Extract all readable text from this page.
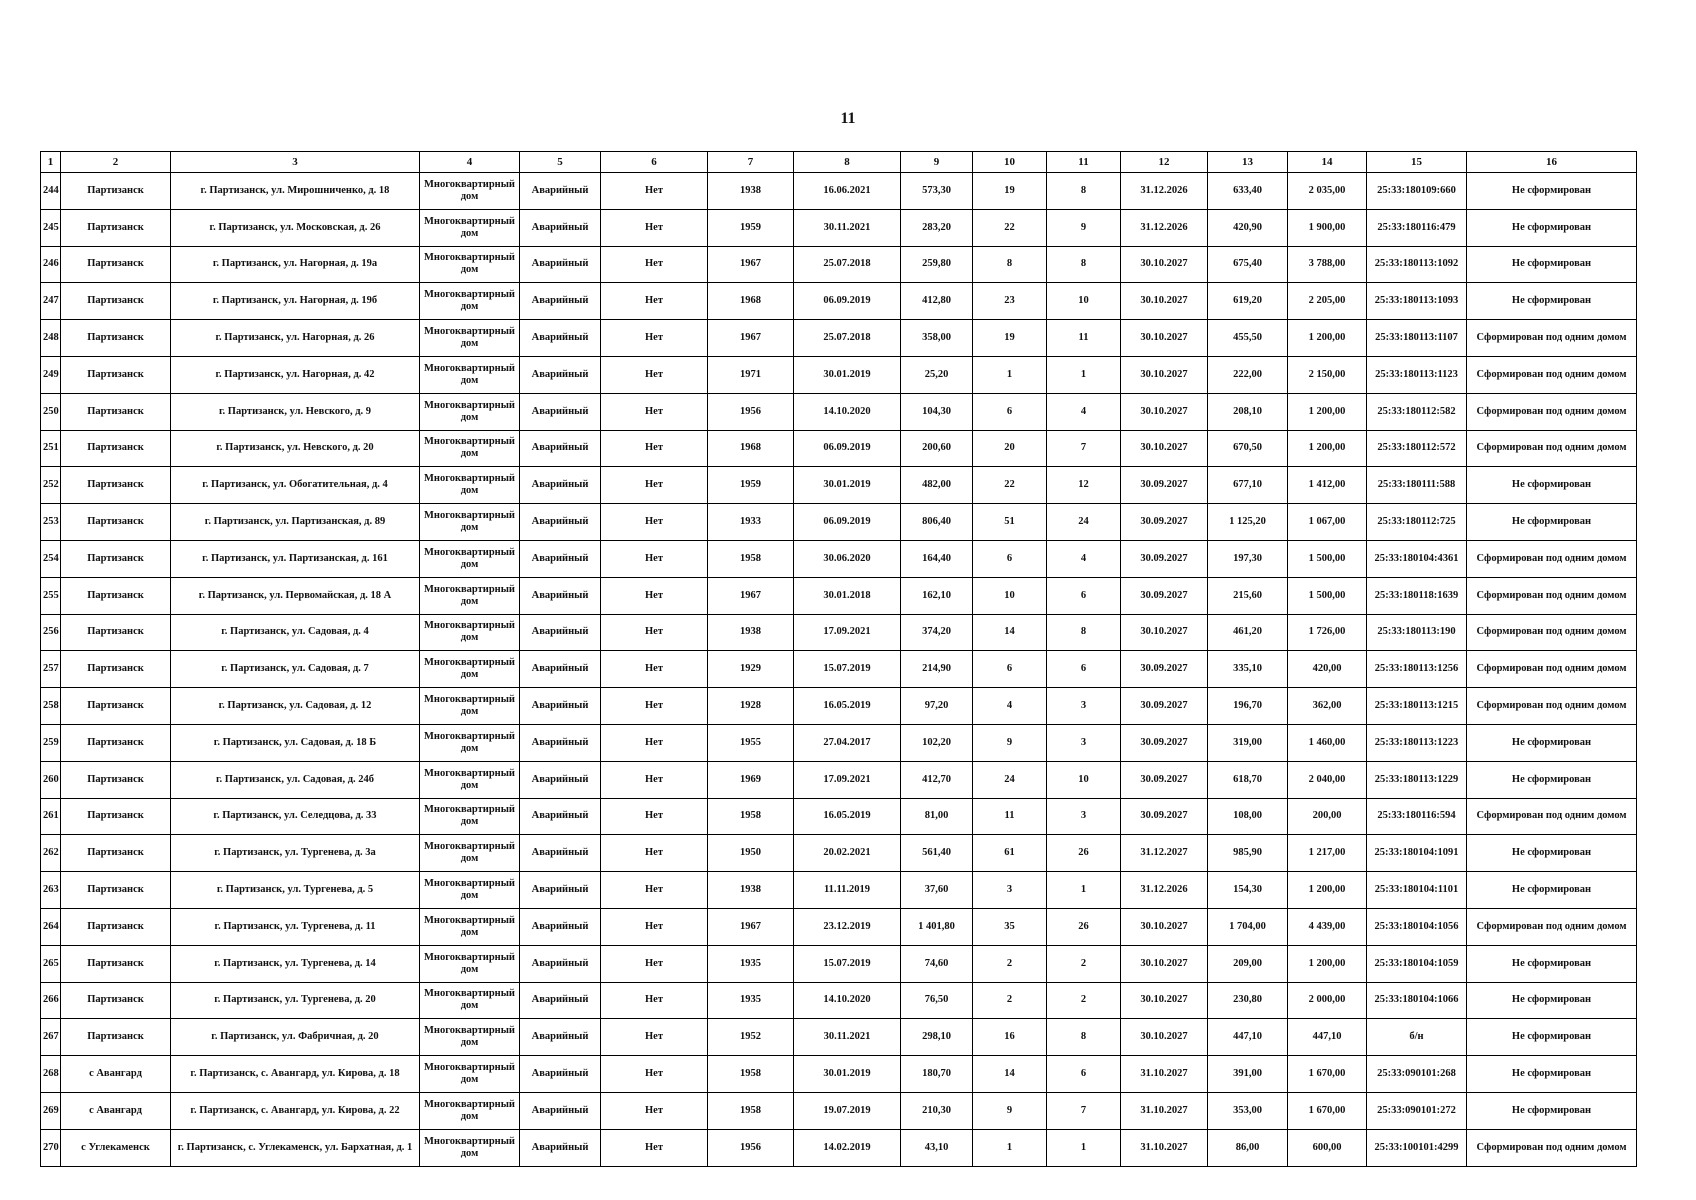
11
1	2	3	4	5	6	7	8	9	10	11	12	13	14	15	16
244	Партизанск	г. Партизанск, ул. Мирошниченко, д. 18	Многоквартирный дом	Аварийный	Нет	1938	16.06.2021	573,30	19	8	31.12.2026	633,40	2 035,00	25:33:180109:660	Не сформирован
245	Партизанск	г. Партизанск, ул. Московская, д. 26	Многоквартирный дом	Аварийный	Нет	1959	30.11.2021	283,20	22	9	31.12.2026	420,90	1 900,00	25:33:180116:479	Не сформирован
246	Партизанск	г. Партизанск, ул. Нагорная, д. 19а	Многоквартирный дом	Аварийный	Нет	1967	25.07.2018	259,80	8	8	30.10.2027	675,40	3 788,00	25:33:180113:1092	Не сформирован
247	Партизанск	г. Партизанск, ул. Нагорная, д. 19б	Многоквартирный дом	Аварийный	Нет	1968	06.09.2019	412,80	23	10	30.10.2027	619,20	2 205,00	25:33:180113:1093	Не сформирован
248	Партизанск	г. Партизанск, ул. Нагорная, д. 26	Многоквартирный дом	Аварийный	Нет	1967	25.07.2018	358,00	19	11	30.10.2027	455,50	1 200,00	25:33:180113:1107	Сформирован под одним домом
249	Партизанск	г. Партизанск, ул. Нагорная, д. 42	Многоквартирный дом	Аварийный	Нет	1971	30.01.2019	25,20	1	1	30.10.2027	222,00	2 150,00	25:33:180113:1123	Сформирован под одним домом
250	Партизанск	г. Партизанск, ул. Невского, д. 9	Многоквартирный дом	Аварийный	Нет	1956	14.10.2020	104,30	6	4	30.10.2027	208,10	1 200,00	25:33:180112:582	Сформирован под одним домом
251	Партизанск	г. Партизанск, ул. Невского, д. 20	Многоквартирный дом	Аварийный	Нет	1968	06.09.2019	200,60	20	7	30.10.2027	670,50	1 200,00	25:33:180112:572	Сформирован под одним домом
252	Партизанск	г. Партизанск, ул. Обогатительная, д. 4	Многоквартирный дом	Аварийный	Нет	1959	30.01.2019	482,00	22	12	30.09.2027	677,10	1 412,00	25:33:180111:588	Не сформирован
253	Партизанск	г. Партизанск, ул. Партизанская, д. 89	Многоквартирный дом	Аварийный	Нет	1933	06.09.2019	806,40	51	24	30.09.2027	1 125,20	1 067,00	25:33:180112:725	Не сформирован
254	Партизанск	г. Партизанск, ул. Партизанская, д. 161	Многоквартирный дом	Аварийный	Нет	1958	30.06.2020	164,40	6	4	30.09.2027	197,30	1 500,00	25:33:180104:4361	Сформирован под одним домом
255	Партизанск	г. Партизанск, ул. Первомайская, д. 18 А	Многоквартирный дом	Аварийный	Нет	1967	30.01.2018	162,10	10	6	30.09.2027	215,60	1 500,00	25:33:180118:1639	Сформирован под одним домом
256	Партизанск	г. Партизанск, ул. Садовая, д. 4	Многоквартирный дом	Аварийный	Нет	1938	17.09.2021	374,20	14	8	30.10.2027	461,20	1 726,00	25:33:180113:190	Сформирован под одним домом
257	Партизанск	г. Партизанск, ул. Садовая, д. 7	Многоквартирный дом	Аварийный	Нет	1929	15.07.2019	214,90	6	6	30.09.2027	335,10	420,00	25:33:180113:1256	Сформирован под одним домом
258	Партизанск	г. Партизанск, ул. Садовая, д. 12	Многоквартирный дом	Аварийный	Нет	1928	16.05.2019	97,20	4	3	30.09.2027	196,70	362,00	25:33:180113:1215	Сформирован под одним домом
259	Партизанск	г. Партизанск, ул. Садовая, д. 18 Б	Многоквартирный дом	Аварийный	Нет	1955	27.04.2017	102,20	9	3	30.09.2027	319,00	1 460,00	25:33:180113:1223	Не сформирован
260	Партизанск	г. Партизанск, ул. Садовая, д. 24б	Многоквартирный дом	Аварийный	Нет	1969	17.09.2021	412,70	24	10	30.09.2027	618,70	2 040,00	25:33:180113:1229	Не сформирован
261	Партизанск	г. Партизанск, ул. Селедцова, д. 33	Многоквартирный дом	Аварийный	Нет	1958	16.05.2019	81,00	11	3	30.09.2027	108,00	200,00	25:33:180116:594	Сформирован под одним домом
262	Партизанск	г. Партизанск, ул. Тургенева, д. 3а	Многоквартирный дом	Аварийный	Нет	1950	20.02.2021	561,40	61	26	31.12.2027	985,90	1 217,00	25:33:180104:1091	Не сформирован
263	Партизанск	г. Партизанск, ул. Тургенева, д. 5	Многоквартирный дом	Аварийный	Нет	1938	11.11.2019	37,60	3	1	31.12.2026	154,30	1 200,00	25:33:180104:1101	Не сформирован
264	Партизанск	г. Партизанск, ул. Тургенева, д. 11	Многоквартирный дом	Аварийный	Нет	1967	23.12.2019	1 401,80	35	26	30.10.2027	1 704,00	4 439,00	25:33:180104:1056	Сформирован под одним домом
265	Партизанск	г. Партизанск, ул. Тургенева, д. 14	Многоквартирный дом	Аварийный	Нет	1935	15.07.2019	74,60	2	2	30.10.2027	209,00	1 200,00	25:33:180104:1059	Не сформирован
266	Партизанск	г. Партизанск, ул. Тургенева, д. 20	Многоквартирный дом	Аварийный	Нет	1935	14.10.2020	76,50	2	2	30.10.2027	230,80	2 000,00	25:33:180104:1066	Не сформирован
267	Партизанск	г. Партизанск, ул. Фабричная, д. 20	Многоквартирный дом	Аварийный	Нет	1952	30.11.2021	298,10	16	8	30.10.2027	447,10	447,10	б/н	Не сформирован
268	с Авангард	г. Партизанск, с. Авангард, ул. Кирова, д. 18	Многоквартирный дом	Аварийный	Нет	1958	30.01.2019	180,70	14	6	31.10.2027	391,00	1 670,00	25:33:090101:268	Не сформирован
269	с Авангард	г. Партизанск, с. Авангард, ул. Кирова, д. 22	Многоквартирный дом	Аварийный	Нет	1958	19.07.2019	210,30	9	7	31.10.2027	353,00	1 670,00	25:33:090101:272	Не сформирован
270	с Углекаменск	г. Партизанск, с. Углекаменск, ул. Бархатная, д. 1	Многоквартирный дом	Аварийный	Нет	1956	14.02.2019	43,10	1	1	31.10.2027	86,00	600,00	25:33:100101:4299	Сформирован под одним домом
